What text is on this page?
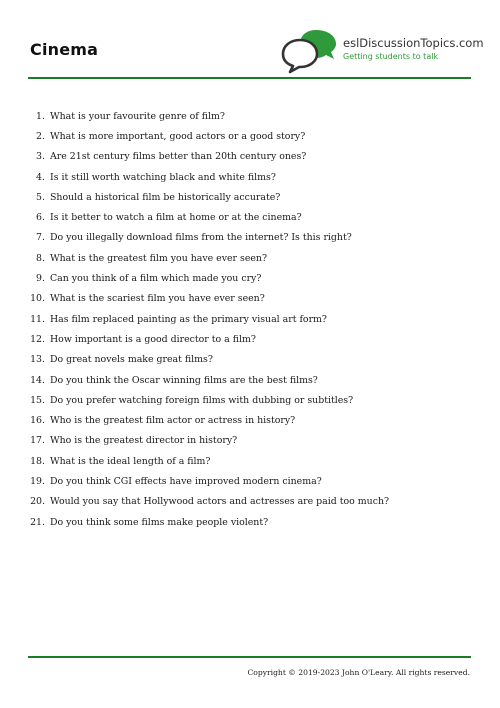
Cinema	eslDiscussionTopics.com
Getting students to talk
1. What is your favourite genre of film?
2. What is more important, good actors or a good story?
3. Are 21st century films better than 20th century ones?
4. Is it still worth watching black and white films?
5. Should a historical film be historically accurate?
6. Is it better to watch a film at home or at the cinema?
7. Do you illegally download films from the internet? Is this right?
8. What is the greatest film you have ever seen?
9. Can you think of a film which made you cry?
10. What is the scariest film you have ever seen?
11. Has film replaced painting as the primary visual art form?
12. How important is a good director to a film?
13. Do great novels make great films?
14. Do you think the Oscar winning films are the best films?
15. Do you prefer watching foreign films with dubbing or subtitles?
16. Who is the greatest film actor or actress in history?
17. Who is the greatest director in history?
18. What is the ideal length of a film?
19. Do you think CGI effects have improved modern cinema?
20. Would you say that Hollywood actors and actresses are paid too much?
21. Do you think some films make people violent?
Copyright © 2019-2023 John O'Leary. All rights reserved.
